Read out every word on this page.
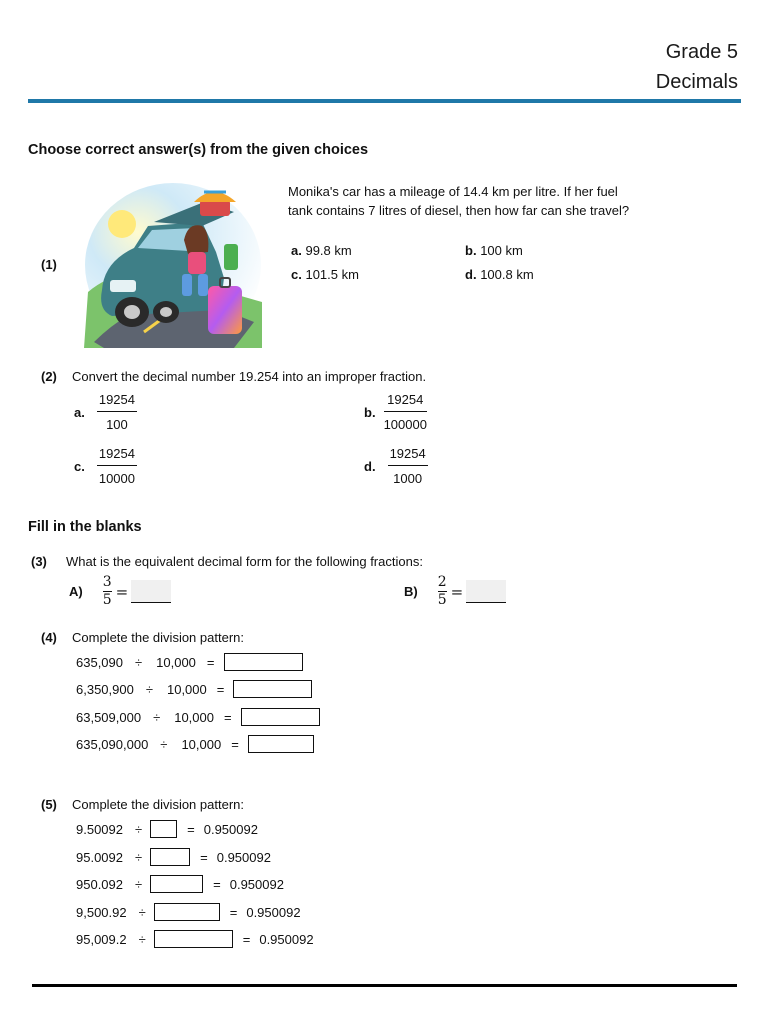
Grade 5
Decimals
Choose correct answer(s) from the given choices
(1)
Monika's car has a mileage of 14.4 km per litre. If her fuel
tank contains 7 litres of diesel, then how far can she travel?
a. 99.8 km	b. 100 km
c. 101.5 km	d. 100.8 km
(2) Convert the decimal number 19.254 into an improper fraction.
a. $\frac{19254}{100}$	b. $\frac{19254}{100000}$
c. $\frac{19254}{10000}$	d. $\frac{19254}{1000}$
Fill in the blanks
(3) What is the equivalent decimal form for the following fractions:
A)
3
5 =	B)
2
5 =
(4) Complete the division pattern:
635,090 ÷ 10,000 =
6,350,900 ÷ 10,000 =
63,509,000 ÷ 10,000 =
635,090,000 ÷ 10,000 =
(5) Complete the division pattern:
9.50092 ÷	= 0.950092
95.0092 ÷	= 0.950092
950.092 ÷	= 0.950092
9,500.92 ÷	= 0.950092
95,009.2 ÷	= 0.950092
